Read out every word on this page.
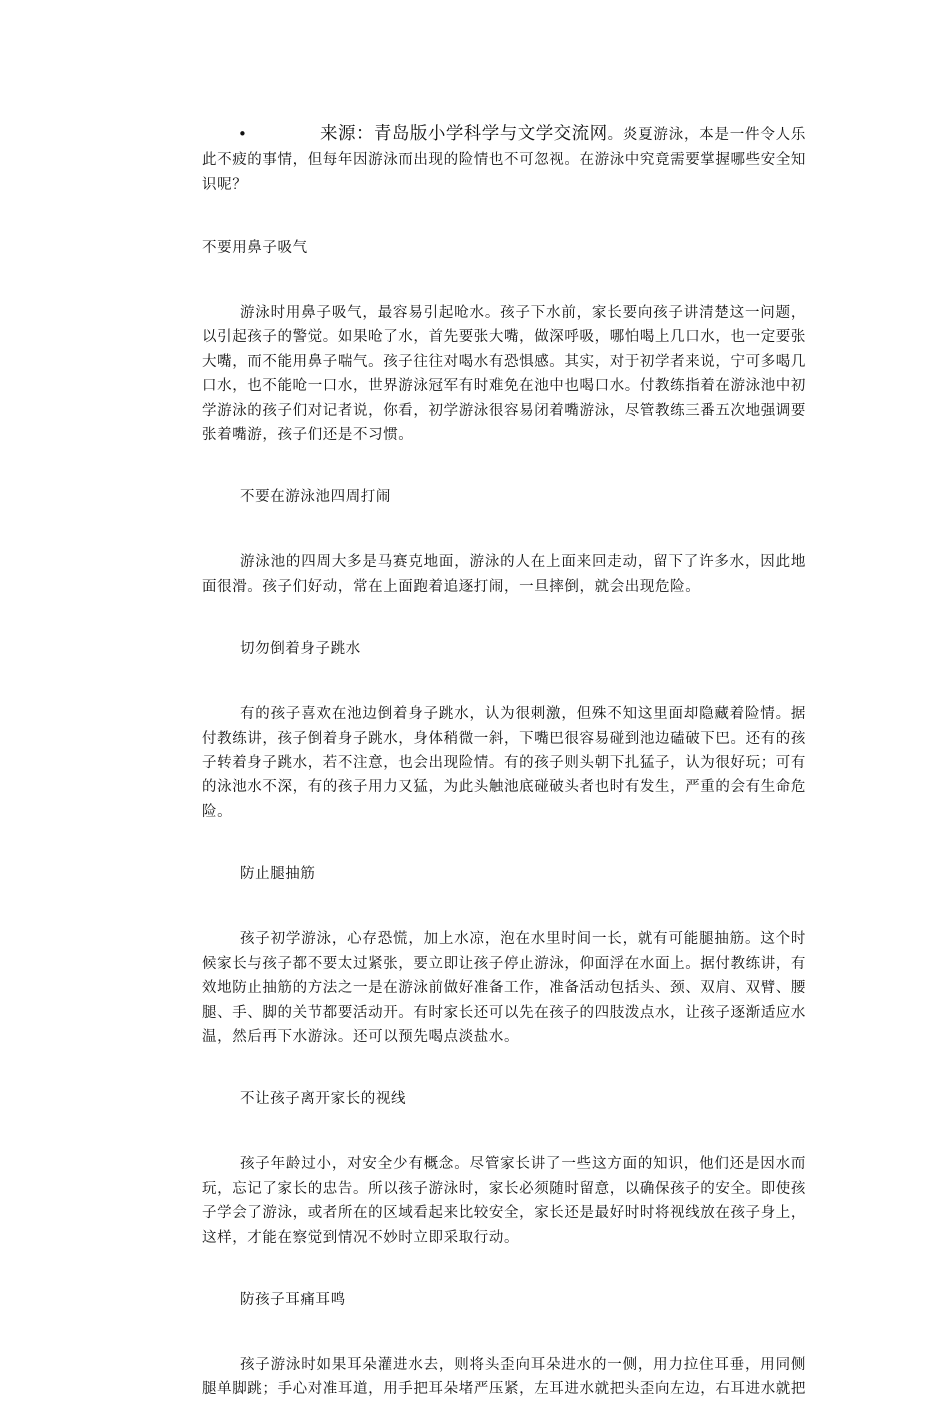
•	来源：青岛版小学科学与文学交流网。炎夏游泳，本是一件令人乐此不疲的事情，但每年因游泳而出现的险情也不可忽视。在游泳中究竟需要掌握哪些安全知识呢？

不要用鼻子吸气

游泳时用鼻子吸气，最容易引起呛水。孩子下水前，家长要向孩子讲清楚这一问题，以引起孩子的警觉。如果呛了水，首先要张大嘴，做深呼吸，哪怕喝上几口水，也一定要张大嘴，而不能用鼻子喘气。孩子往往对喝水有恐惧感。其实，对于初学者来说，宁可多喝几口水，也不能呛一口水，世界游泳冠军有时难免在池中也喝口水。付教练指着在游泳池中初学游泳的孩子们对记者说，你看，初学游泳很容易闭着嘴游泳，尽管教练三番五次地强调要张着嘴游，孩子们还是不习惯。

不要在游泳池四周打闹

游泳池的四周大多是马赛克地面，游泳的人在上面来回走动，留下了许多水，因此地面很滑。孩子们好动，常在上面跑着追逐打闹，一旦摔倒，就会出现危险。

切勿倒着身子跳水

有的孩子喜欢在池边倒着身子跳水，认为很刺激，但殊不知这里面却隐藏着险情。据付教练讲，孩子倒着身子跳水，身体稍微一斜，下嘴巴很容易碰到池边磕破下巴。还有的孩子转着身子跳水，若不注意，也会出现险情。有的孩子则头朝下扎猛子，认为很好玩；可有的泳池水不深，有的孩子用力又猛，为此头触池底碰破头者也时有发生，严重的会有生命危险。

防止腿抽筋

孩子初学游泳，心存恐慌，加上水凉，泡在水里时间一长，就有可能腿抽筋。这个时候家长与孩子都不要太过紧张，要立即让孩子停止游泳，仰面浮在水面上。据付教练讲，有效地防止抽筋的方法之一是在游泳前做好准备工作，准备活动包括头、颈、双肩、双臂、腰腿、手、脚的关节都要活动开。有时家长还可以先在孩子的四肢泼点水，让孩子逐渐适应水温，然后再下水游泳。还可以预先喝点淡盐水。

不让孩子离开家长的视线

孩子年龄过小，对安全少有概念。尽管家长讲了一些这方面的知识，他们还是因水而玩，忘记了家长的忠告。所以孩子游泳时，家长必须随时留意，以确保孩子的安全。即使孩子学会了游泳，或者所在的区域看起来比较安全，家长还是最好时时将视线放在孩子身上，这样，才能在察觉到情况不妙时立即采取行动。

防孩子耳痛耳鸣

孩子游泳时如果耳朵灌进水去，则将头歪向耳朵进水的一侧，用力拉住耳垂，用同侧腿单脚跳；手心对准耳道，用手把耳朵堵严压紧，左耳进水就把头歪向左边，右耳进水就把
